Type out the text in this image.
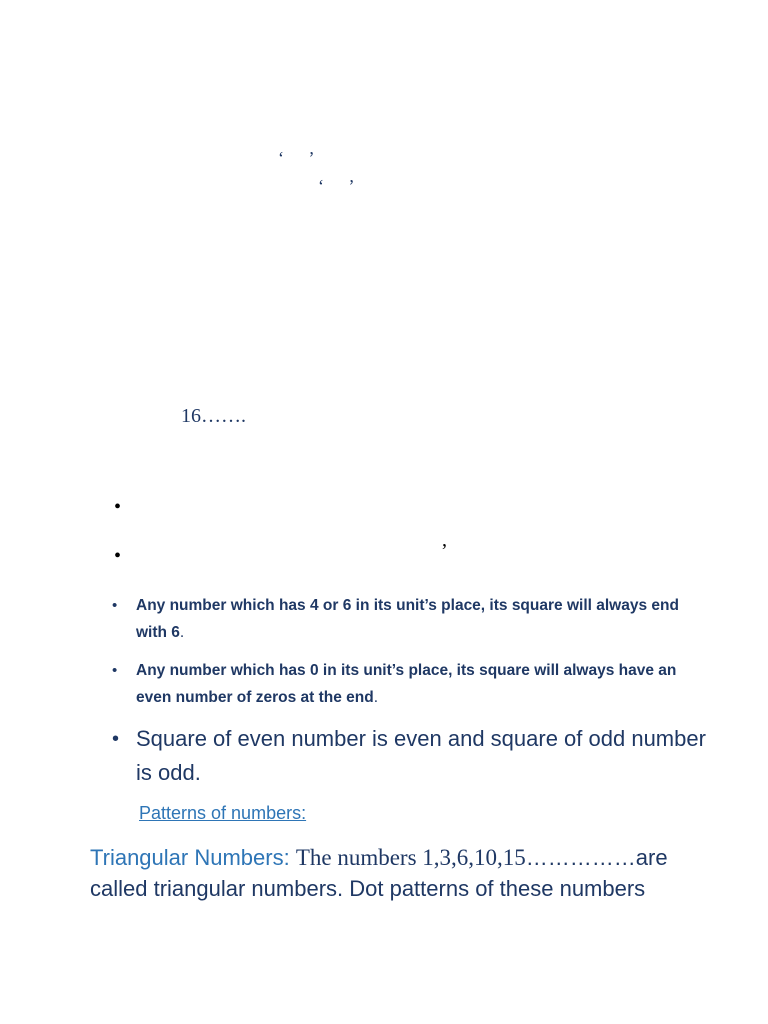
‘ ’
‘ ’
16…….
•
•	’
•	Any number which has 4 or 6 in its unit’s place, its square will always end with 6.
•	Any number which has 0 in its unit’s place, its square will always have an even number of zeros at the end.
• Square of even number is even and square of odd number is odd.
Patterns of numbers:
Triangular Numbers: The numbers 1,3,6,10,15……………are called triangular numbers. Dot patterns of these numbers
